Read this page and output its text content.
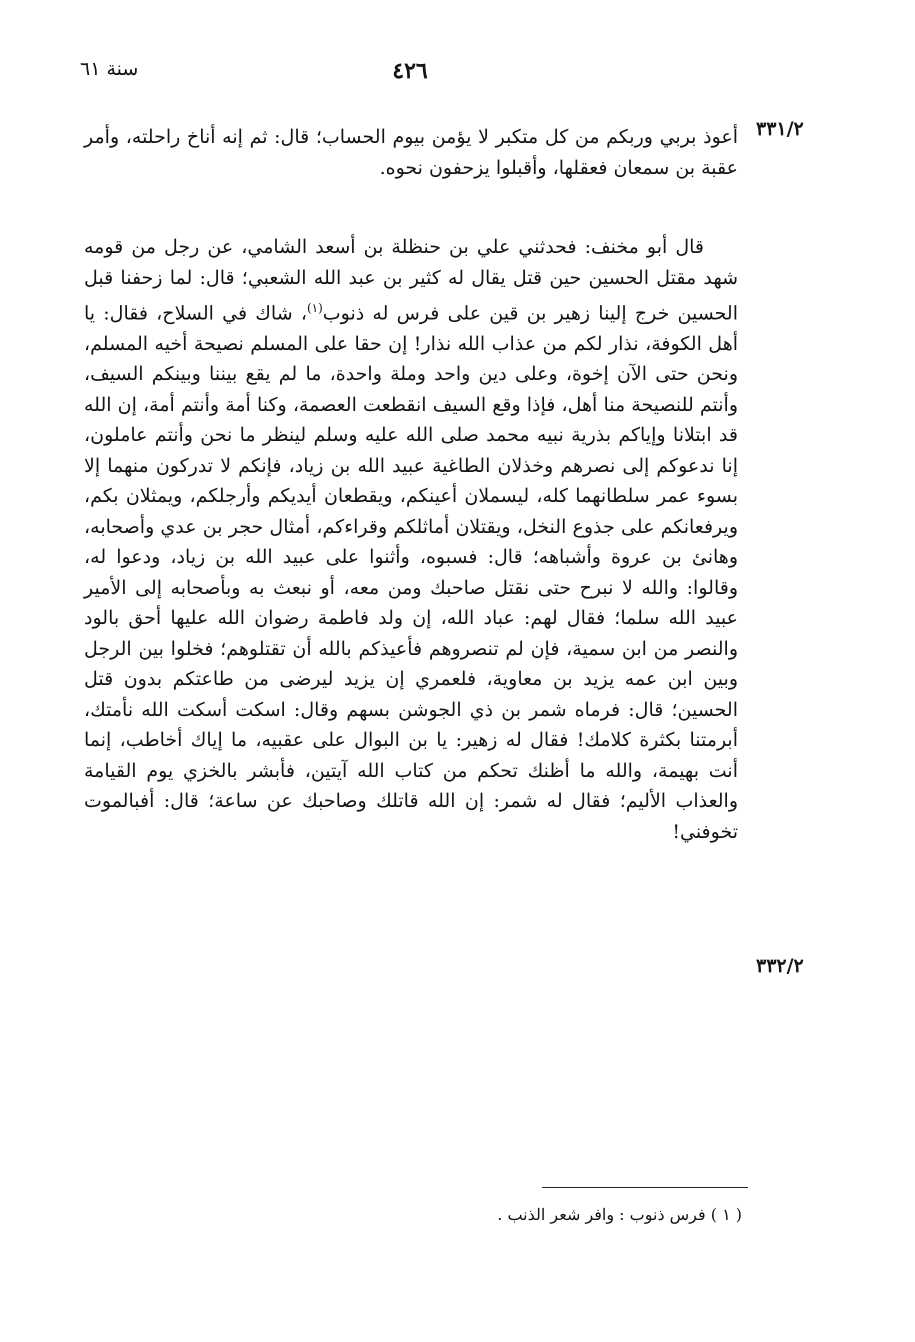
سنة ٦١	٤٢٦
٣٣١/٢
٣٣٢/٢

أعوذ بربي وربكم من كل متكبر لا يؤمن بيوم الحساب؛ قال: ثم إنه أناخ راحلته، وأمر عقبة بن سمعان فعقلها، وأقبلوا يزحفون نحوه.

قال أبو مخنف: فحدثني علي بن حنظلة بن أسعد الشامي، عن رجل من قومه شهد مقتل الحسين حين قتل يقال له كثير بن عبد الله الشعبي؛ قال: لما زحفنا قبل الحسين خرج إلينا زهير بن قين على فرس له ذنوب$^{(١)}$، شاك في السلاح، فقال: يا أهل الكوفة، نذار لكم من عذاب الله نذار! إن حقا على المسلم نصيحة أخيه المسلم، ونحن حتى الآن إخوة، وعلى دين واحد وملة واحدة، ما لم يقع بيننا وبينكم السيف، وأنتم للنصيحة منا أهل، فإذا وقع السيف انقطعت العصمة، وكنا أمة وأنتم أمة، إن الله قد ابتلانا وإياكم بذرية نبيه محمد صلى الله عليه وسلم لينظر ما نحن وأنتم عاملون، إنا ندعوكم إلى نصرهم وخذلان الطاغية عبيد الله بن زياد، فإنكم لا تدركون منهما إلا بسوء عمر سلطانهما كله، ليسملان أعينكم، ويقطعان أيديكم وأرجلكم، ويمثلان بكم، ويرفعانكم على جذوع النخل، ويقتلان أماثلكم وقراءكم، أمثال حجر بن عدي وأصحابه، وهانئ بن عروة وأشباهه؛ قال: فسبوه، وأثنوا على عبيد الله بن زياد، ودعوا له، وقالوا: والله لا نبرح حتى نقتل صاحبك ومن معه، أو نبعث به وبأصحابه إلى الأمير عبيد الله سلما؛ فقال لهم: عباد الله، إن ولد فاطمة رضوان الله عليها أحق بالود والنصر من ابن سمية، فإن لم تنصروهم فأعيذكم بالله أن تقتلوهم؛ فخلوا بين الرجل وبين ابن عمه يزيد بن معاوية، فلعمري إن يزيد ليرضى من طاعتكم بدون قتل الحسين؛ قال: فرماه شمر بن ذي الجوشن بسهم وقال: اسكت أسكت الله نأمتك، أبرمتنا بكثرة كلامك! فقال له زهير: يا بن البوال على عقبيه، ما إياك أخاطب، إنما أنت بهيمة، والله ما أظنك تحكم من كتاب الله آيتين، فأبشر بالخزي يوم القيامة والعذاب الأليم؛ فقال له شمر: إن الله قاتلك وصاحبك عن ساعة؛ قال: أفبالموت تخوفني!

( ١ ) فرس ذنوب : وافر شعر الذنب .
